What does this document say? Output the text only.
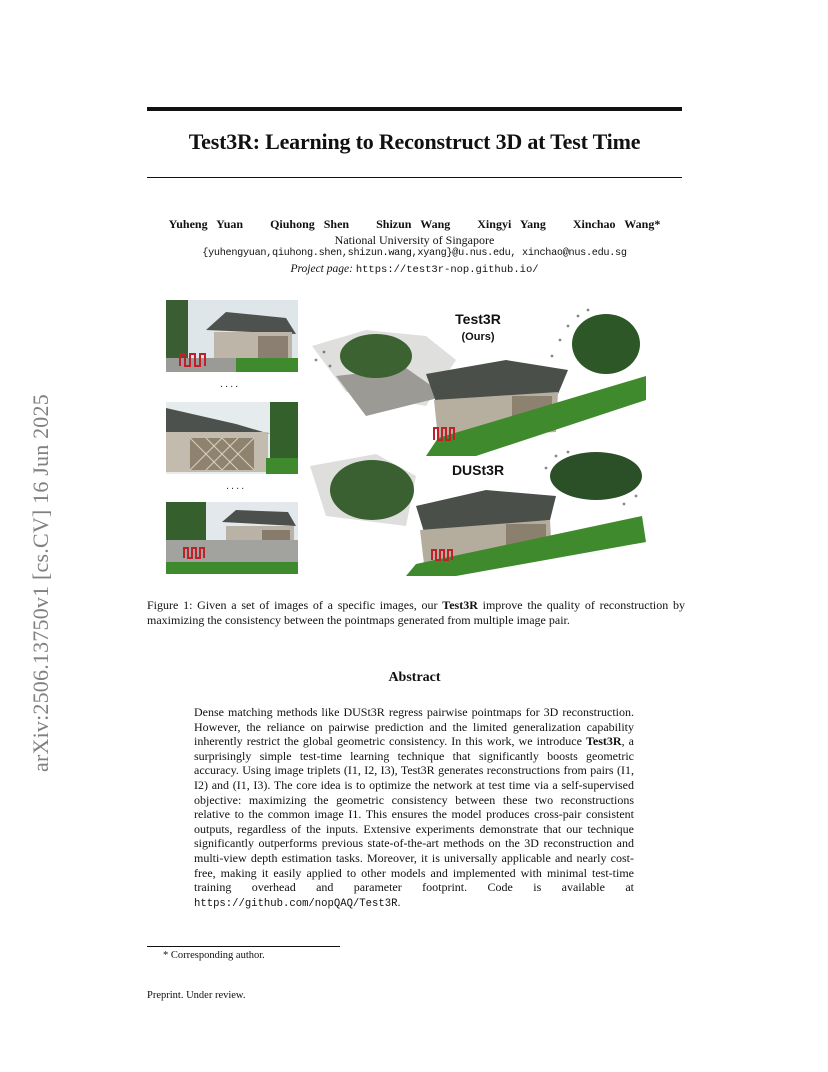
arXiv:2506.13750v1 [cs.CV] 16 Jun 2025
Test3R: Learning to Reconstruct 3D at Test Time
Yuheng Yuan Qiuhong Shen Shizun Wang Xingyi Yang Xinchao Wang*
National University of Singapore
{yuhengyuan,qiuhong.shen,shizun.wang,xyang}@u.nus.edu, xinchao@nus.edu.sg
Project page: https://test3r-nop.github.io/
....
....
Test3R
(Ours)
DUSt3R
Figure 1: Given a set of images of a specific images, our Test3R improve the quality of reconstruction by maximizing the consistency between the pointmaps generated from multiple image pair.
Abstract
Dense matching methods like DUSt3R regress pairwise pointmaps for 3D reconstruction. However, the reliance on pairwise prediction and the limited generalization capability inherently restrict the global geometric consistency. In this work, we introduce Test3R, a surprisingly simple test-time learning technique that significantly boosts geometric accuracy. Using image triplets (I1, I2, I3), Test3R generates reconstructions from pairs (I1, I2) and (I1, I3). The core idea is to optimize the network at test time via a self-supervised objective: maximizing the geometric consistency between these two reconstructions relative to the common image I1. This ensures the model produces cross-pair consistent outputs, regardless of the inputs. Extensive experiments demonstrate that our technique significantly outperforms previous state-of-the-art methods on the 3D reconstruction and multi-view depth estimation tasks. Moreover, it is universally applicable and nearly cost-free, making it easily applied to other models and implemented with minimal test-time training overhead and parameter footprint. Code is available at https://github.com/nopQAQ/Test3R.
* Corresponding author.
Preprint. Under review.
